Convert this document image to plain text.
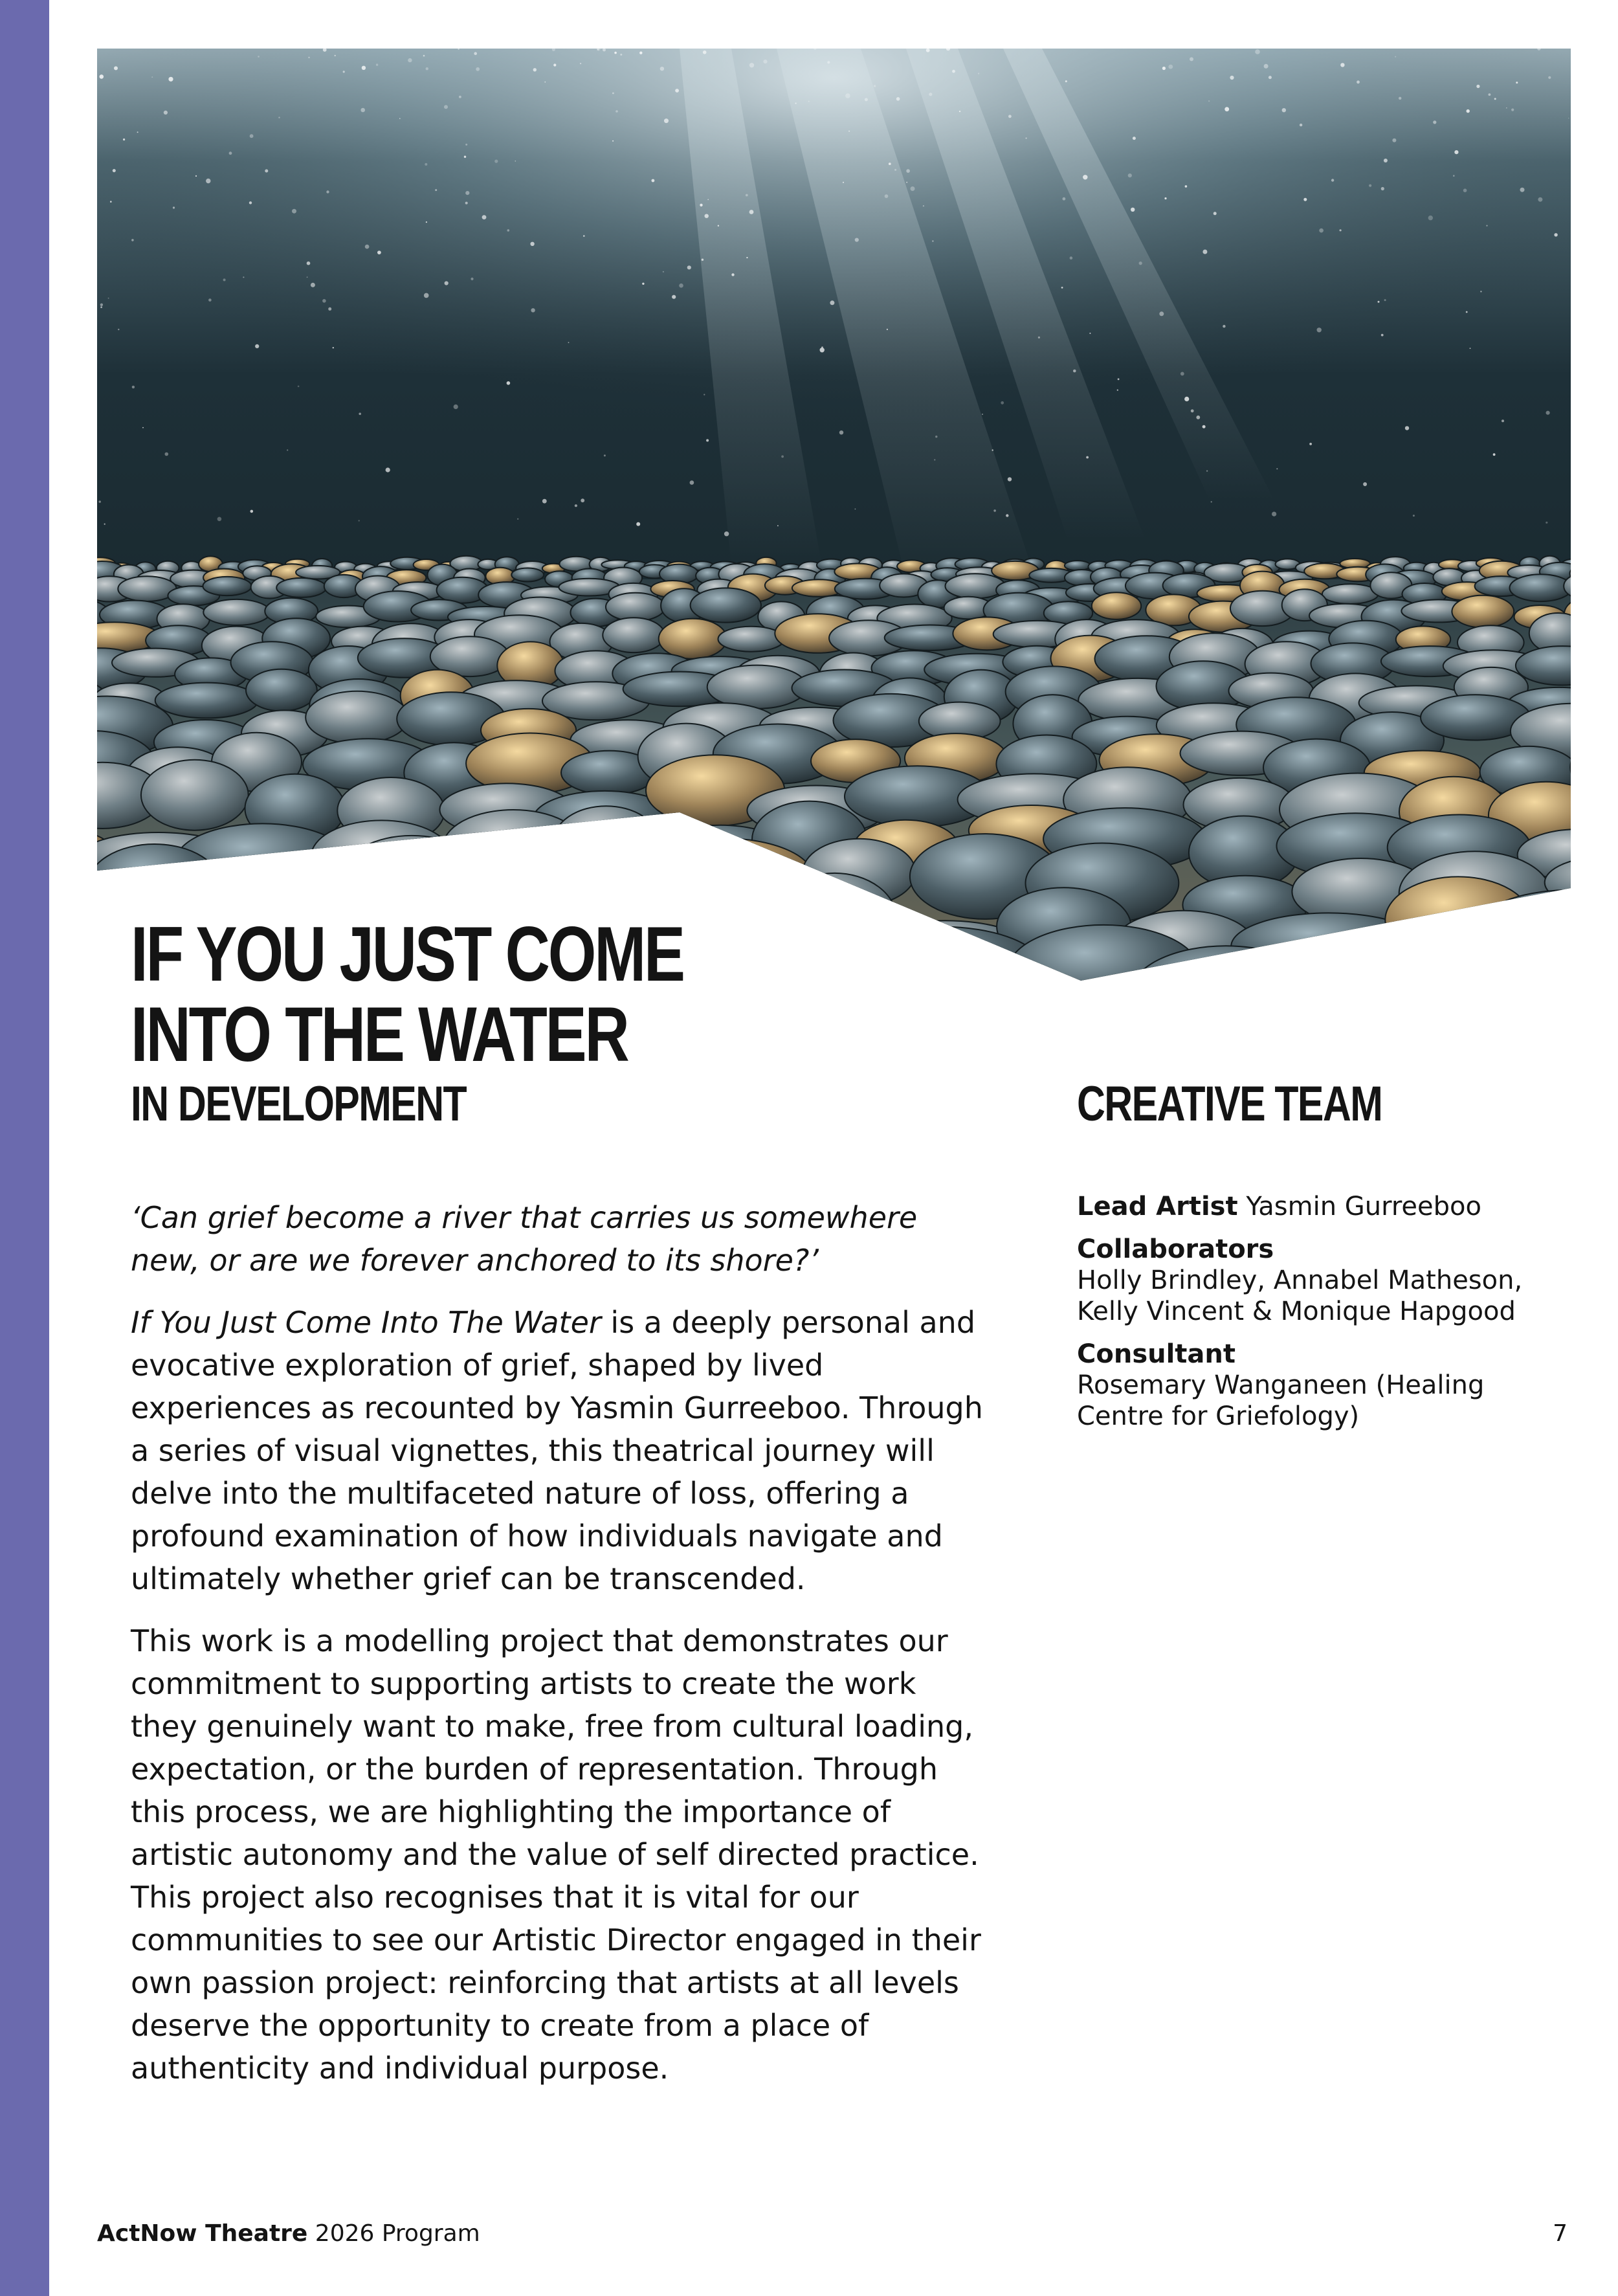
IF YOU JUST COME INTO THE WATER
IN DEVELOPMENT

‘Can grief become a river that carries us somewhere new, or are we forever anchored to its shore?’

If You Just Come Into The Water is a deeply personal and evocative exploration of grief, shaped by lived experiences as recounted by Yasmin Gurreeboo. Through a series of visual vignettes, this theatrical journey will delve into the multifaceted nature of loss, offering a profound examination of how individuals navigate and ultimately whether grief can be transcended.

This work is a modelling project that demonstrates our commitment to supporting artists to create the work they genuinely want to make, free from cultural loading, expectation, or the burden of representation. Through this process, we are highlighting the importance of artistic autonomy and the value of self directed practice. This project also recognises that it is vital for our communities to see our Artistic Director engaged in their own passion project: reinforcing that artists at all levels deserve the opportunity to create from a place of authenticity and individual purpose.

CREATIVE TEAM
Lead Artist Yasmin Gurreeboo
Collaborators
Holly Brindley, Annabel Matheson, Kelly Vincent & Monique Hapgood
Consultant
Rosemary Wanganeen (Healing Centre for Griefology)
ActNow Theatre 2026 Program	7
